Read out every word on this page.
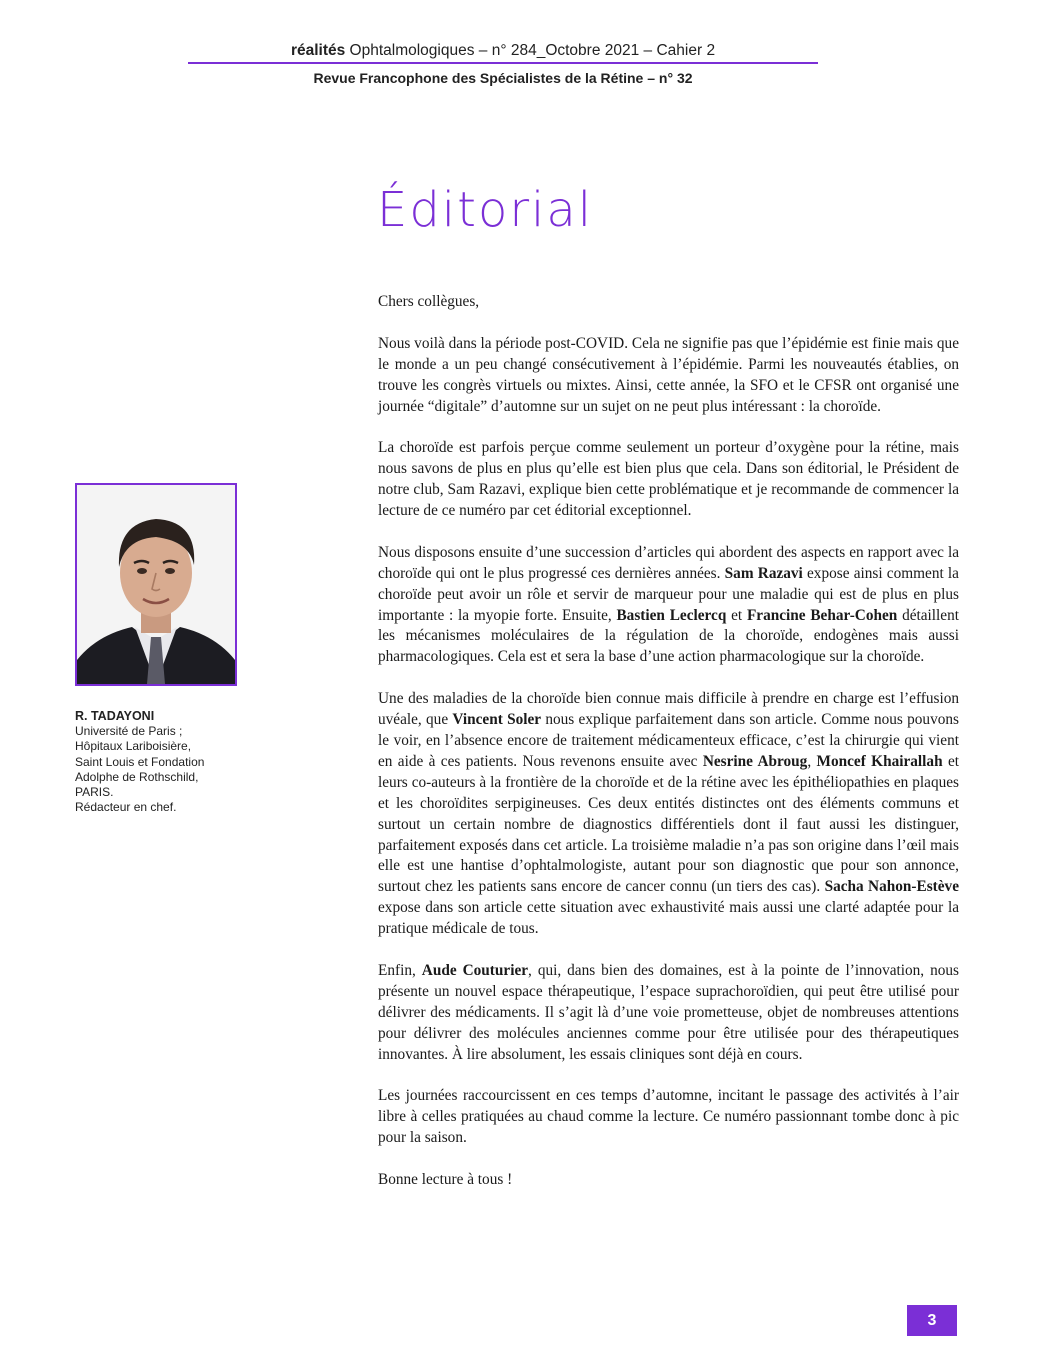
réalités Ophtalmologiques – n° 284_Octobre 2021 – Cahier 2
Revue Francophone des Spécialistes de la Rétine – n° 32
Éditorial
R. TADAYONI
Université de Paris ;
Hôpitaux Lariboisière,
Saint Louis et Fondation
Adolphe de Rothschild,
PARIS.
Rédacteur en chef.

Chers collègues,

Nous voilà dans la période post-COVID. Cela ne signifie pas que l’épidémie est finie mais que le monde a un peu changé consécutivement à l’épidémie. Parmi les nouveautés établies, on trouve les congrès virtuels ou mixtes. Ainsi, cette année, la SFO et le CFSR ont organisé une journée “digitale” d’automne sur un sujet on ne peut plus intéressant : la choroïde.

La choroïde est parfois perçue comme seulement un porteur d’oxygène pour la rétine, mais nous savons de plus en plus qu’elle est bien plus que cela. Dans son éditorial, le Président de notre club, Sam Razavi, explique bien cette problématique et je recommande de commencer la lecture de ce numéro par cet éditorial exceptionnel.

Nous disposons ensuite d’une succession d’articles qui abordent des aspects en rapport avec la choroïde qui ont le plus progressé ces dernières années. Sam Razavi expose ainsi comment la choroïde peut avoir un rôle et servir de marqueur pour une maladie qui est de plus en plus importante : la myopie forte. Ensuite, Bastien Leclercq et Francine Behar-Cohen détaillent les mécanismes moléculaires de la régulation de la choroïde, endogènes mais aussi pharmacologiques. Cela est et sera la base d’une action pharmacologique sur la choroïde.

Une des maladies de la choroïde bien connue mais difficile à prendre en charge est l’effusion uvéale, que Vincent Soler nous explique parfaitement dans son article. Comme nous pouvons le voir, en l’absence encore de traitement médicamenteux efficace, c’est la chirurgie qui vient en aide à ces patients. Nous revenons ensuite avec Nesrine Abroug, Moncef Khairallah et leurs co-auteurs à la frontière de la choroïde et de la rétine avec les épithéliopathies en plaques et les choroïdites serpigineuses. Ces deux entités distinctes ont des éléments communs et surtout un certain nombre de diagnostics différentiels dont il faut aussi les distinguer, parfaitement exposés dans cet article. La troisième maladie n’a pas son origine dans l’œil mais elle est une hantise d’ophtalmologiste, autant pour son diagnostic que pour son annonce, surtout chez les patients sans encore de cancer connu (un tiers des cas). Sacha Nahon-Estève expose dans son article cette situation avec exhaustivité mais aussi une clarté adaptée pour la pratique médicale de tous.

Enfin, Aude Couturier, qui, dans bien des domaines, est à la pointe de l’innovation, nous présente un nouvel espace thérapeutique, l’espace suprachoroïdien, qui peut être utilisé pour délivrer des médicaments. Il s’agit là d’une voie prometteuse, objet de nombreuses attentions pour délivrer des molécules anciennes comme pour être utilisée pour des thérapeutiques innovantes. À lire absolument, les essais cliniques sont déjà en cours.

Les journées raccourcissent en ces temps d’automne, incitant le passage des activités à l’air libre à celles pratiquées au chaud comme la lecture. Ce numéro passionnant tombe donc à pic pour la saison.

Bonne lecture à tous !

3
